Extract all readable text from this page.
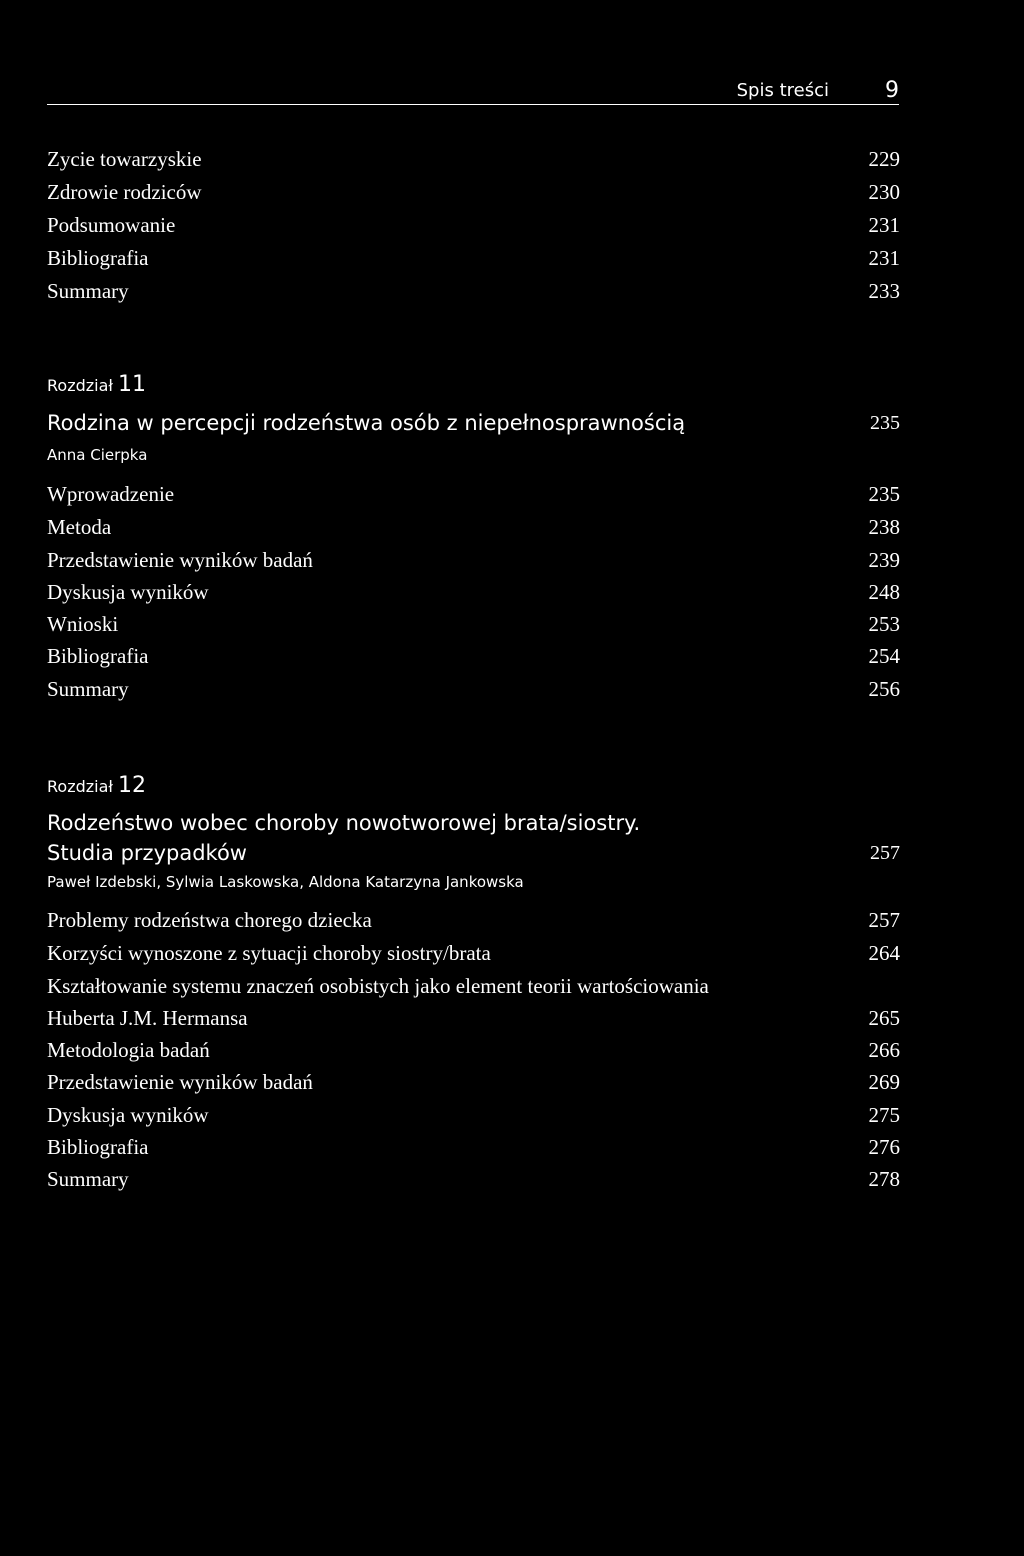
Spis treści	9
Zycie towarzyskie	229
Zdrowie rodziców	230
Podsumowanie	231
Bibliografia	231
Summary	233
Rozdział 11
Rodzina w percepcji rodzeństwa osób z niepełnosprawnością	235
Anna Cierpka
Wprowadzenie	235
Metoda	238
Przedstawienie wyników badań	239
Dyskusja wyników	248
Wnioski	253
Bibliografia	254
Summary	256
Rozdział 12
Rodzeństwo wobec choroby nowotworowej brata/siostry.
Studia przypadków	257
Paweł Izdebski, Sylwia Laskowska, Aldona Katarzyna Jankowska
Problemy rodzeństwa chorego dziecka	257
Korzyści wynoszone z sytuacji choroby siostry/brata	264
Kształtowanie systemu znaczeń osobistych jako element teorii wartościowania
Huberta J.M. Hermansa	265
Metodologia badań	266
Przedstawienie wyników badań	269
Dyskusja wyników	275
Bibliografia	276
Summary	278
